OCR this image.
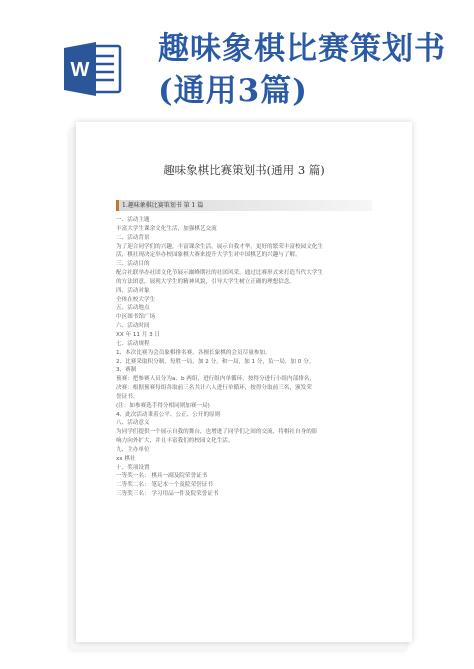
W
趣味象棋比赛策划书(通用3篇)
趣味象棋比赛策划书(通用 3 篇)
1.趣味象棋比赛策划书 第 1 篇
一、活动主题
丰富大学生课余文化生活，加强棋艺交流
二、活动背景
为了迎合同学们的兴趣，丰富课余生活，展示自我才华，更好的繁荣丰富校园文化生
活，棋社现决定举办校园象棋大赛来提升大学生对中国棋艺的兴趣与了解。
三、活动目的
配合社联举办社团文化节展示巅峰期社的社团风采，通过比赛形式来打造当代大学生
的方法团意，展现大学生的精神风貌，引导大学生树立正确的理想信念。
四、活动对象
全体在校大学生
五、活动地点
中区图书馆广场
六、活动时间
XX 年 11 月 3 日
七、活动规程
1、本次比赛为会员象棋排名赛，各擅长象棋的会员尽量参加。
2、比赛采取积分制，每胜一局，加 2 分，和一局，加 1 分，负一局，加 0 分。
3、赛制
预赛：把参赛人员分为a、b 两组，进行组内单循环，按得分进行小组内部排名，
决赛：根据预赛每组各取前三名共计六人进行单循环，按得分取前三名，颁发荣
誉证书。
(注：如参赛选手得分相同则加赛一局)
4、此次活动秉着公平、公正、公开的原则
八、活动意义
为同学们提供一个展示自我的舞台，也增进了同学们之间的交流，将棋社自身的影
响力向外扩大，并且丰富我们的校园文化生活。
九、主办单位
xx 棋社
十、奖项设置
一等奖一名： 棋具一副及院荣誉证书
二等奖二名： 笔记本一个及院荣誉证书
三等奖三名： 学习用品一件及院荣誉证书
